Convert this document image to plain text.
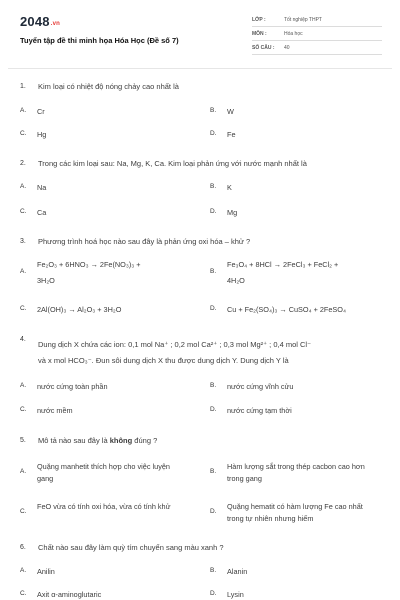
2048.vn
Tuyển tập đề thi minh họa Hóa Học (Đề số 7)
LỚP :	Tốt nghiệp THPT
MÔN :	Hóa học
SỐ CÂU : 40
1. Kim loại có nhiệt độ nóng chảy cao nhất là
A. Cr	B. W
C. Hg	D. Fe
2. Trong các kim loại sau: Na, Mg, K, Ca. Kim loại phản ứng với nước mạnh nhất là
A. Na	B. K
C. Ca	D. Mg
3. Phương trình hoá học nào sau đây là phản ứng oxi hóa – khử ?
A.
Fe₂O₃ + 6HNO₃ → 2Fe(NO₃)₃ +
3H₂O
B.
Fe₃O₄ + 8HCl → 2FeCl₃ + FeCl₂ +
4H₂O
C. 2Al(OH)₃ → Al₂O₃ + 3H₂O	D. Cu + Fe₂(SO₄)₃ → CuSO₄ + 2FeSO₄
4.
Dung dịch X chứa các ion: 0,1 mol Na⁺ ; 0,2 mol Ca²⁺ ; 0,3 mol Mg²⁺ ; 0,4 mol Cl⁻
và x mol HCO₃⁻. Đun sôi dung dịch X thu được dung dịch Y. Dung dịch Y là
A. nước cứng toàn phần	B. nước cứng vĩnh cửu
C. nước mềm	D. nước cứng tạm thời
5. Mô tả nào sau đây là không đúng ?
A.
Quặng manhetit thích hợp cho việc luyện gang
B.
Hàm lượng sắt trong thép cacbon cao hơn trong gang
C.
FeO vừa có tính oxi hóa, vừa có tính khử
D.
Quặng hematit có hàm lượng Fe cao nhất trong tự nhiên nhưng hiếm
6. Chất nào sau đây làm quỳ tím chuyển sang màu xanh ?
A. Anilin	B. Alanin
C. Axit α-aminoglutaric	D. Lysin
